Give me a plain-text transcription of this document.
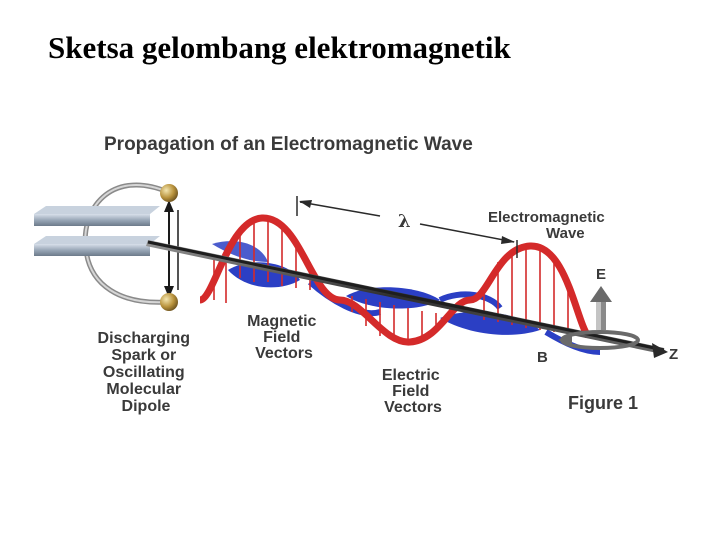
Sketsa gelombang elektromagnetik
Propagation of an Electromagnetic Wave
λ	Electromagnetic Wave
Discharging Spark or Oscillating Molecular Dipole
Magnetic Field Vectors
Electric Field Vectors
E
B	Z
Figure 1
